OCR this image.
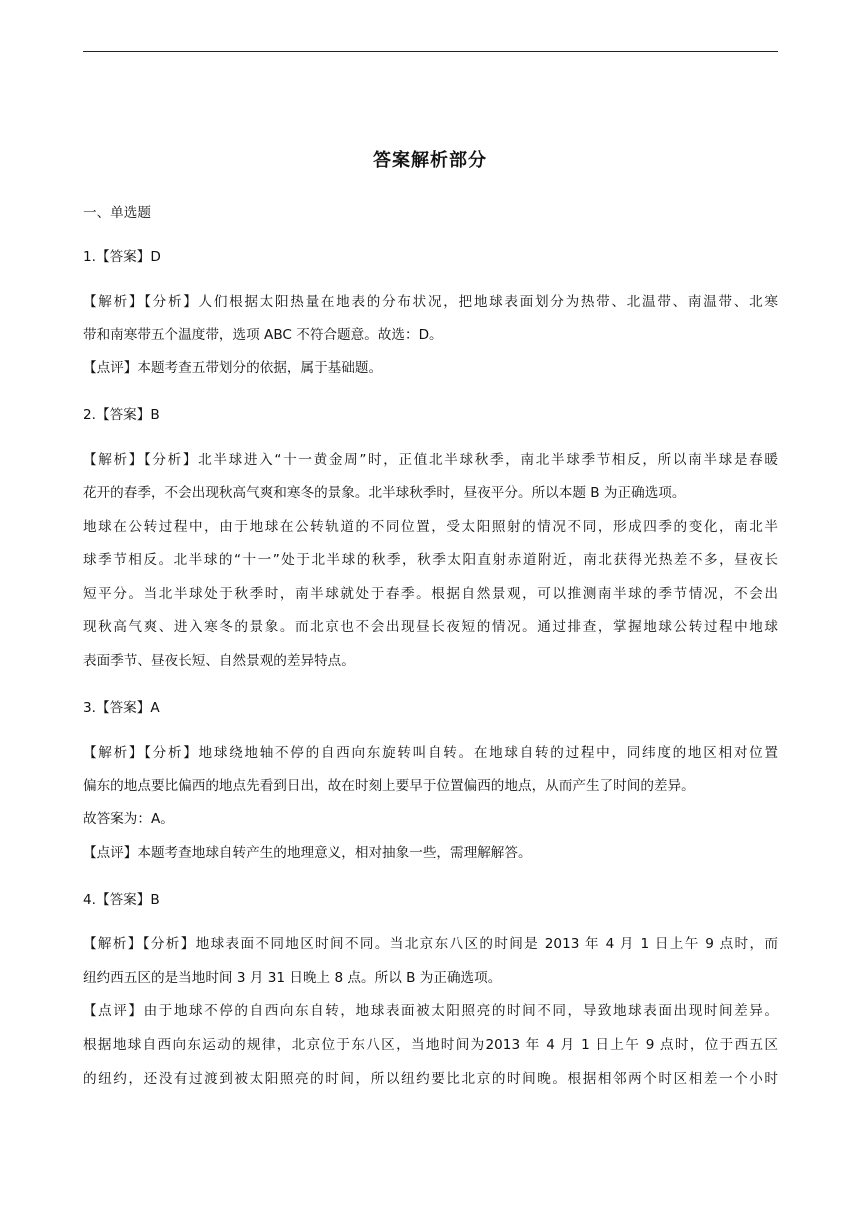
答案解析部分
一、单选题
1.【答案】D
【解析】【分析】人们根据太阳热量在地表的分布状况，把地球表面划分为热带、北温带、南温带、北寒
带和南寒带五个温度带，选项 ABC 不符合题意。故选：D。
【点评】本题考查五带划分的依据，属于基础题。
2.【答案】B
【解析】【分析】北半球进入“十一黄金周”时，正值北半球秋季，南北半球季节相反，所以南半球是春暖
花开的春季，不会出现秋高气爽和寒冬的景象。北半球秋季时，昼夜平分。所以本题 B 为正确选项。
地球在公转过程中，由于地球在公转轨道的不同位置，受太阳照射的情况不同，形成四季的变化，南北半
球季节相反。北半球的“十一”处于北半球的秋季，秋季太阳直射赤道附近，南北获得光热差不多，昼夜长
短平分。当北半球处于秋季时，南半球就处于春季。根据自然景观，可以推测南半球的季节情况，不会出
现秋高气爽、进入寒冬的景象。而北京也不会出现昼长夜短的情况。通过排查，掌握地球公转过程中地球
表面季节、昼夜长短、自然景观的差异特点。
3.【答案】A
【解析】【分析】地球绕地轴不停的自西向东旋转叫自转。在地球自转的过程中，同纬度的地区相对位置
偏东的地点要比偏西的地点先看到日出，故在时刻上要早于位置偏西的地点，从而产生了时间的差异。
故答案为：A。
【点评】本题考查地球自转产生的地理意义，相对抽象一些，需理解解答。
4.【答案】B
【解析】【分析】地球表面不同地区时间不同。当北京东八区的时间是 2013 年 4 月 1 日上午 9 点时，而
纽约西五区的是当地时间 3 月 31 日晚上 8 点。所以 B 为正确选项。
【点评】由于地球不停的自西向东自转，地球表面被太阳照亮的时间不同，导致地球表面出现时间差异。
根据地球自西向东运动的规律，北京位于东八区，当地时间为2013 年 4 月 1 日上午 9 点时，位于西五区
的纽约，还没有过渡到被太阳照亮的时间，所以纽约要比北京的时间晚。根据相邻两个时区相差一个小时
